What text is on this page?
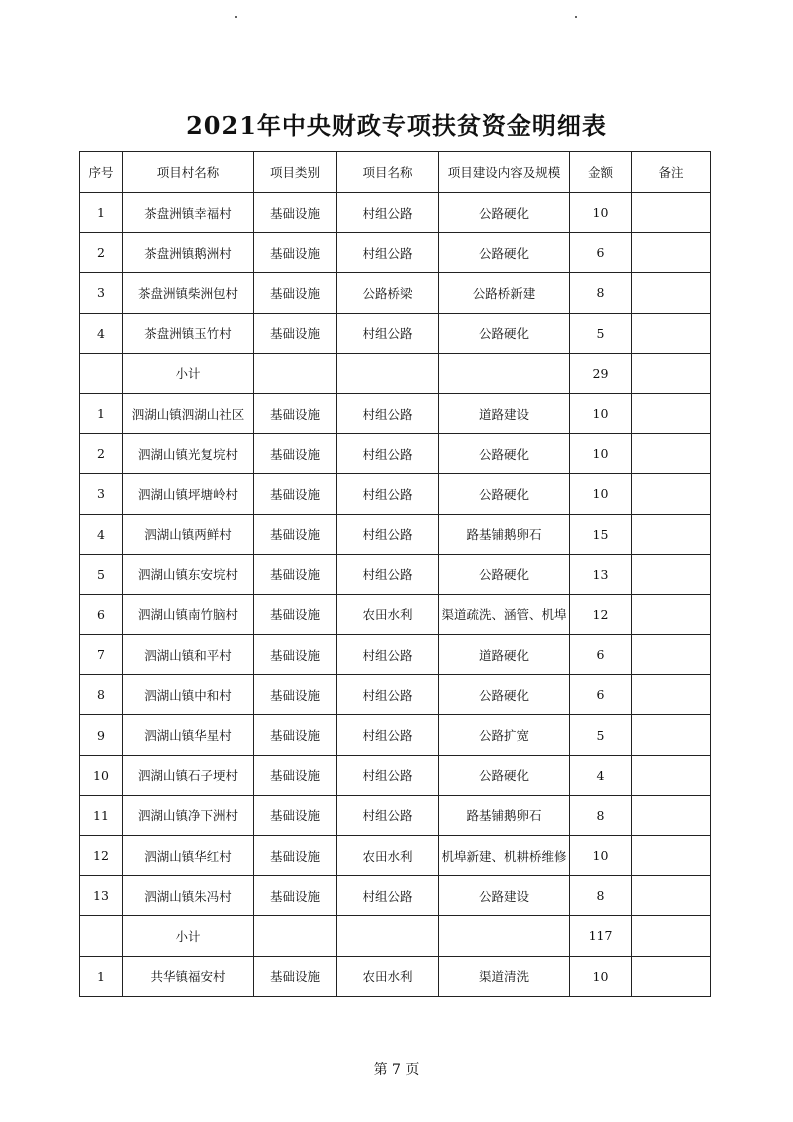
2021年中央财政专项扶贫资金明细表
序号	项目村名称	项目类别	项目名称	项目建设内容及规模	金额	备注
1	茶盘洲镇幸福村	基础设施	村组公路	公路硬化	10	
2	茶盘洲镇鹅洲村	基础设施	村组公路	公路硬化	6	
3	茶盘洲镇柴洲包村	基础设施	公路桥梁	公路桥新建	8	
4	茶盘洲镇玉竹村	基础设施	村组公路	公路硬化	5	
	小计				29	
1	泗湖山镇泗湖山社区	基础设施	村组公路	道路建设	10	
2	泗湖山镇光复垸村	基础设施	村组公路	公路硬化	10	
3	泗湖山镇坪塘岭村	基础设施	村组公路	公路硬化	10	
4	泗湖山镇两鲜村	基础设施	村组公路	路基铺鹅卵石	15	
5	泗湖山镇东安垸村	基础设施	村组公路	公路硬化	13	
6	泗湖山镇南竹脑村	基础设施	农田水利	渠道疏洗、涵管、机埠	12	
7	泗湖山镇和平村	基础设施	村组公路	道路硬化	6	
8	泗湖山镇中和村	基础设施	村组公路	公路硬化	6	
9	泗湖山镇华星村	基础设施	村组公路	公路扩宽	5	
10	泗湖山镇石子埂村	基础设施	村组公路	公路硬化	4	
11	泗湖山镇净下洲村	基础设施	村组公路	路基铺鹅卵石	8	
12	泗湖山镇华红村	基础设施	农田水利	机埠新建、机耕桥维修	10	
13	泗湖山镇朱冯村	基础设施	村组公路	公路建设	8	
	小计				117	
1	共华镇福安村	基础设施	农田水利	渠道清洗	10	
第 7 页
